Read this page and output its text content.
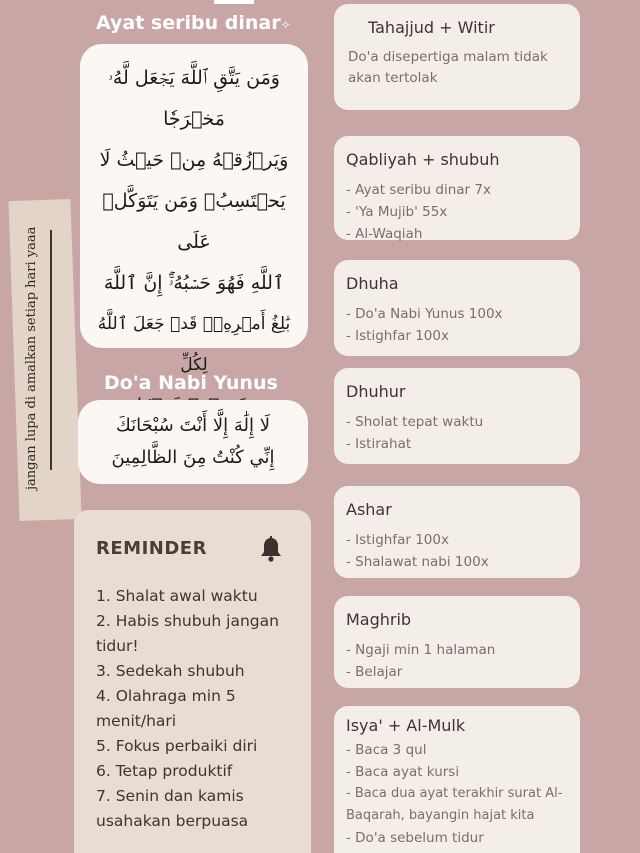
jangan lupa di amalkan setiap hari yaaa
Ayat seribu dinar✧
وَمَن يَتَّقِ ٱللَّهَ يَجۡعَل لَّهُۥ
مَخۡرَجٗا
وَيَرۡزُقۡهُ مِنۡ حَيۡثُ لَا
يَحۡتَسِبُۚ وَمَن يَتَوَكَّلۡ عَلَى
ٱللَّهِ فَهُوَ حَسۡبُهُۥٓۚ إِنَّ ٱللَّهَ
بَٰلِغُ أَمۡرِهِۦۚ قَدۡ جَعَلَ ٱللَّهُ لِكُلِّ
Do'a Nabi Yunus
لَا إِلَٰهَ إِلَّا أَنْتَ سُبْحَانَكَ
إِنِّي كُنْتُ مِنَ الظَّالِمِينَ
REMINDER
1. Shalat awal waktu
2. Habis shubuh jangan tidur!
3. Sedekah shubuh
4. Olahraga min 5 menit/hari
5. Fokus perbaiki diri
6. Tetap produktif
7. Senin dan kamis usahakan berpuasa
Tahajjud + Witir
Do'a disepertiga malam tidak akan tertolak
Qabliyah + shubuh
- Ayat seribu dinar 7x
- 'Ya Mujib' 55x
- Al-Waqiah
Dhuha
- Do'a Nabi Yunus 100x
- Istighfar 100x
Dhuhur
- Sholat tepat waktu
- Istirahat
Ashar
- Istighfar 100x
- Shalawat nabi 100x
Maghrib
- Ngaji min 1 halaman
- Belajar
Isya' + Al-Mulk
- Baca 3 qul
- Baca ayat kursi
- Baca dua ayat terakhir surat Al-Baqarah, bayangin hajat kita
- Do'a sebelum tidur
